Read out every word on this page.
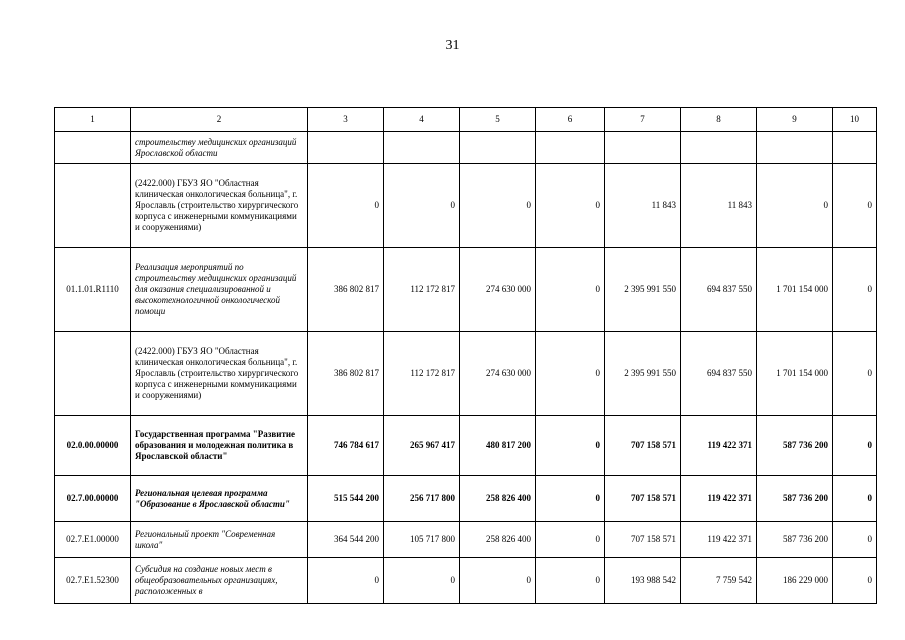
31
1	2	3	4	5	6	7	8	9	10
	строительству медицинских организаций Ярославской области								
	(2422.000) ГБУЗ ЯО "Областная клиническая онкологическая больница", г. Ярославль (строительство хирургического корпуса с инженерными коммуникациями и сооружениями)	0	0	0	0	11 843	11 843	0	0
01.1.01.R1110	Реализация мероприятий по строительству медицинских организаций для оказания специализированной и высокотехнологичной онкологической помощи	386 802 817	112 172 817	274 630 000	0	2 395 991 550	694 837 550	1 701 154 000	0
	(2422.000) ГБУЗ ЯО "Областная клиническая онкологическая больница", г. Ярославль (строительство хирургического корпуса с инженерными коммуникациями и сооружениями)	386 802 817	112 172 817	274 630 000	0	2 395 991 550	694 837 550	1 701 154 000	0
02.0.00.00000	Государственная программа "Развитие образования и молодежная политика в Ярославской области"	746 784 617	265 967 417	480 817 200	0	707 158 571	119 422 371	587 736 200	0
02.7.00.00000	Региональная целевая программа "Образование в Ярославской области"	515 544 200	256 717 800	258 826 400	0	707 158 571	119 422 371	587 736 200	0
02.7.E1.00000	Региональный проект "Современная школа"	364 544 200	105 717 800	258 826 400	0	707 158 571	119 422 371	587 736 200	0
02.7.E1.52300	Субсидия на создание новых мест в общеобразовательных организациях, расположенных в	0	0	0	0	193 988 542	7 759 542	186 229 000	0
